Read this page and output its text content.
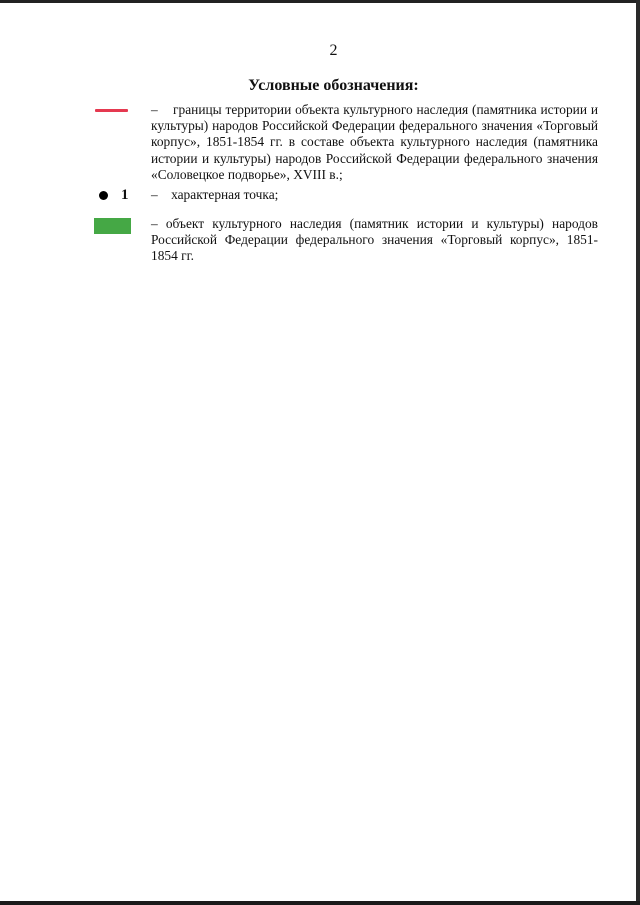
2
Условные обозначения:

– границы территории объекта культурного наследия (памятника истории и культуры) народов Российской Федерации федерального значения «Торговый корпус», 1851-1854 гг. в составе объекта культурного наследия (памятника истории и культуры) народов Российской Федерации федерального значения «Соловецкое подворье», XVIII в.;

1 – характерная точка;

– объект культурного наследия (памятник истории и культуры) народов Российской Федерации федерального значения «Торговый корпус», 1851-1854 гг.
